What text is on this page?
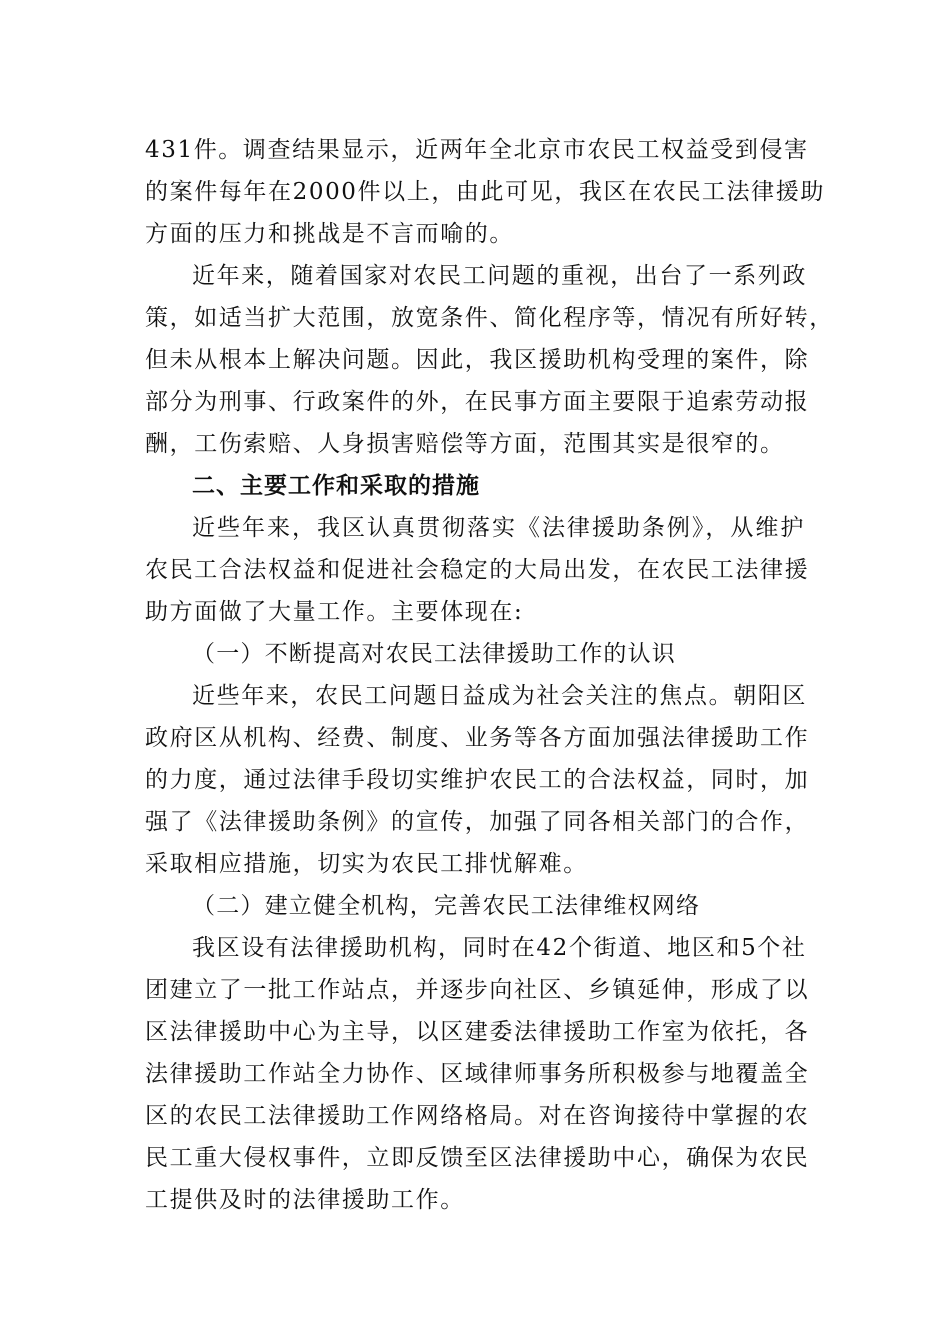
431件。调查结果显示，近两年全北京市农民工权益受到侵害
的案件每年在2000件以上，由此可见，我区在农民工法律援助
方面的压力和挑战是不言而喻的。
近年来，随着国家对农民工问题的重视，出台了一系列政
策，如适当扩大范围，放宽条件、简化程序等，情况有所好转，
但未从根本上解决问题。因此，我区援助机构受理的案件，除
部分为刑事、行政案件的外，在民事方面主要限于追索劳动报
酬，工伤索赔、人身损害赔偿等方面，范围其实是很窄的。
二、主要工作和采取的措施
近些年来，我区认真贯彻落实《法律援助条例》，从维护
农民工合法权益和促进社会稳定的大局出发，在农民工法律援
助方面做了大量工作。主要体现在:
（一）不断提高对农民工法律援助工作的认识
近些年来，农民工问题日益成为社会关注的焦点。朝阳区
政府区从机构、经费、制度、业务等各方面加强法律援助工作
的力度，通过法律手段切实维护农民工的合法权益，同时，加
强了《法律援助条例》的宣传，加强了同各相关部门的合作，
采取相应措施，切实为农民工排忧解难。
（二）建立健全机构，完善农民工法律维权网络
我区设有法律援助机构，同时在42个街道、地区和5个社
团建立了一批工作站点，并逐步向社区、乡镇延伸，形成了以
区法律援助中心为主导，以区建委法律援助工作室为依托，各
法律援助工作站全力协作、区域律师事务所积极参与地覆盖全
区的农民工法律援助工作网络格局。对在咨询接待中掌握的农
民工重大侵权事件，立即反馈至区法律援助中心，确保为农民
工提供及时的法律援助工作。
